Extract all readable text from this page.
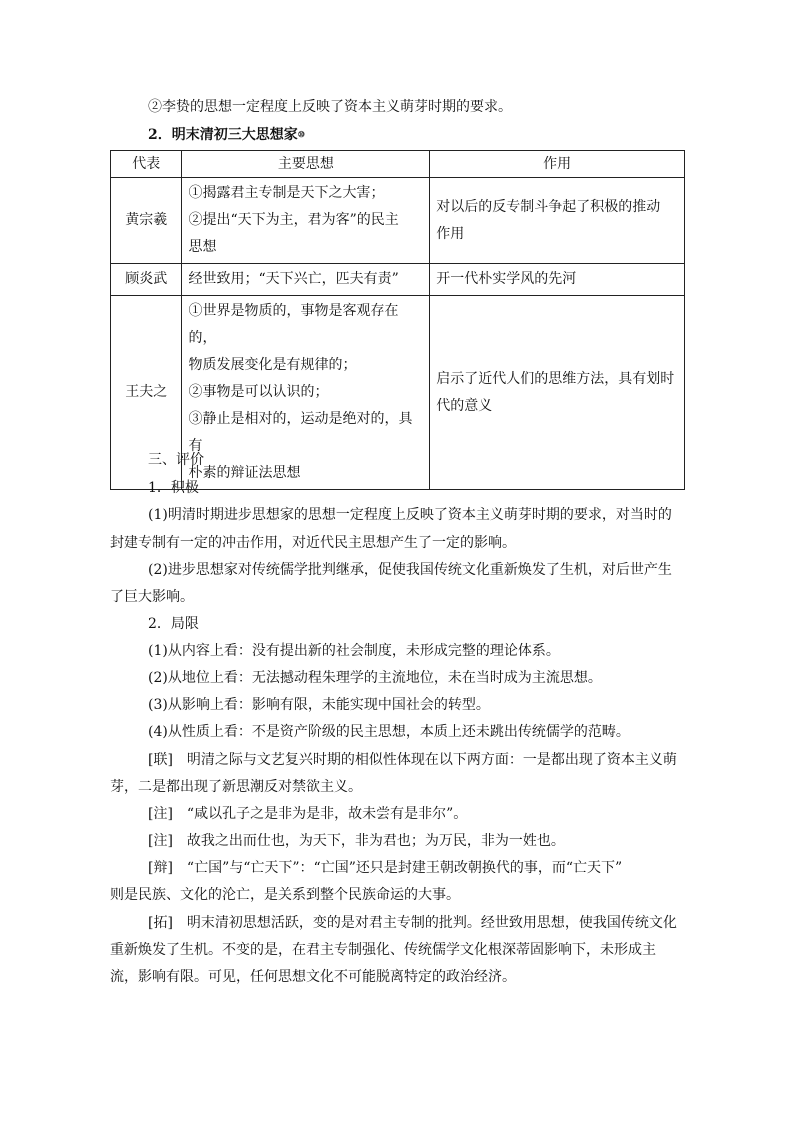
②李贽的思想一定程度上反映了资本主义萌芽时期的要求。
2．明末清初三大思想家⑩
代表	主要思想	作用
黄宗羲	①揭露君主专制是天下之大害；
②提出“天下为主，君为客”的民主
思想	对以后的反专制斗争起了积极的推动
作用

顾炎武	经世致用；“天下兴亡，匹夫有责”	开一代朴实学风的先河

王夫之	①世界是物质的，事物是客观存在的，
物质发展变化是有规律的；
②事物是可以认识的；
③静止是相对的，运动是绝对的，具有
朴素的辩证法思想	启示了近代人们的思维方法，具有划时
代的意义
三、评价
1．积极
(1)明清时期进步思想家的思想一定程度上反映了资本主义萌芽时期的要求，对当时的
封建专制有一定的冲击作用，对近代民主思想产生了一定的影响。
(2)进步思想家对传统儒学批判继承，促使我国传统文化重新焕发了生机，对后世产生
了巨大影响。
2．局限
(1)从内容上看：没有提出新的社会制度，未形成完整的理论体系。
(2)从地位上看：无法撼动程朱理学的主流地位，未在当时成为主流思想。
(3)从影响上看：影响有限，未能实现中国社会的转型。
(4)从性质上看：不是资产阶级的民主思想，本质上还未跳出传统儒学的范畴。
[联]　明清之际与文艺复兴时期的相似性体现在以下两方面：一是都出现了资本主义萌
芽，二是都出现了新思潮反对禁欲主义。
[注]　“咸以孔子之是非为是非，故未尝有是非尔”。
[注]　故我之出而仕也，为天下，非为君也；为万民，非为一姓也。
[辩]　“亡国”与“亡天下”：“亡国”还只是封建王朝改朝换代的事，而“亡天下”
则是民族、文化的沦亡，是关系到整个民族命运的大事。
[拓]　明末清初思想活跃，变的是对君主专制的批判。经世致用思想，使我国传统文化
重新焕发了生机。不变的是，在君主专制强化、传统儒学文化根深蒂固影响下，未形成主
流，影响有限。可见，任何思想文化不可能脱离特定的政治经济。
